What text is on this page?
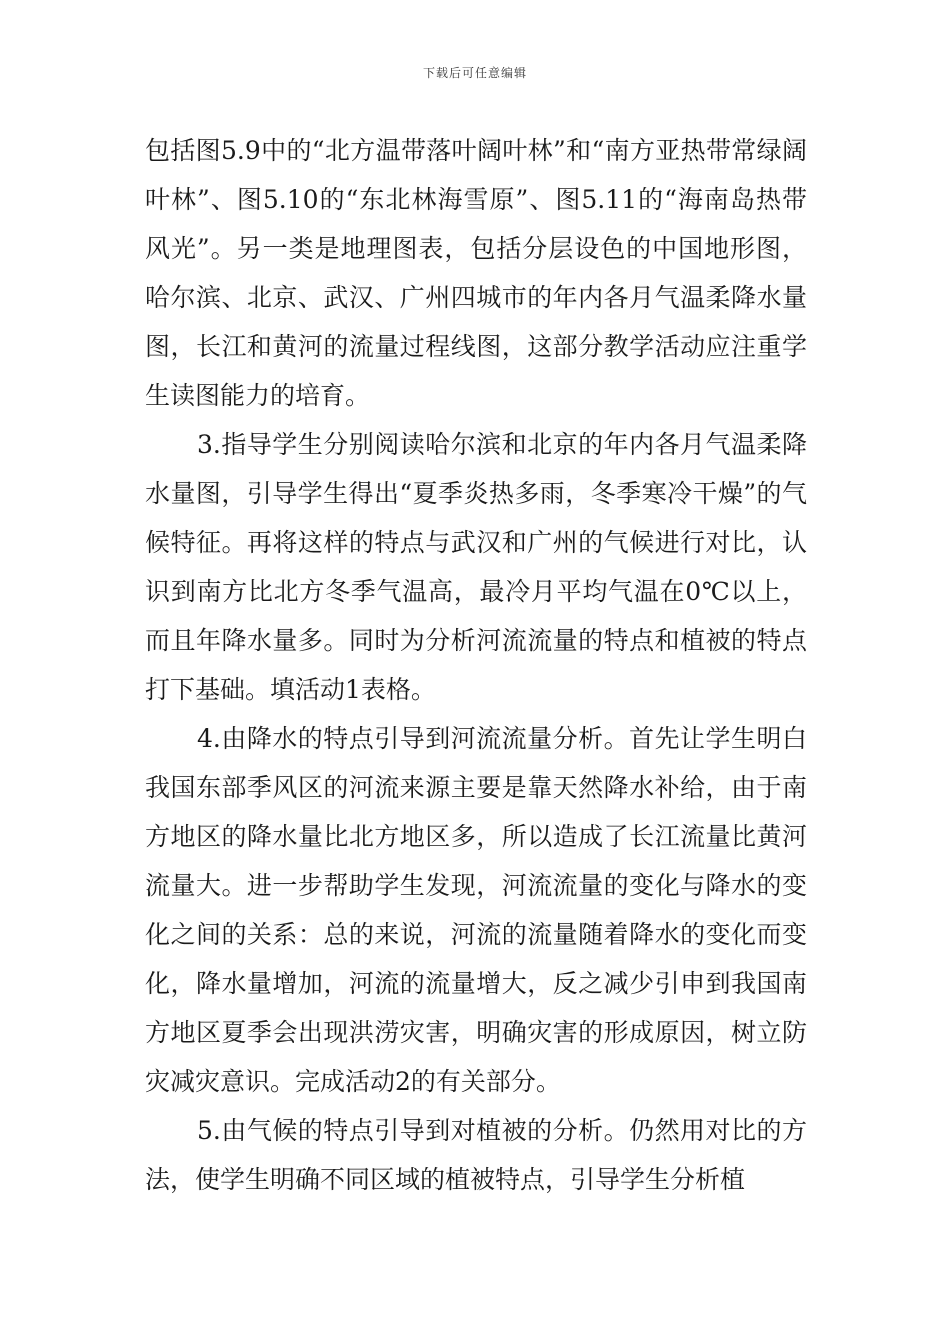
下载后可任意编辑

包括图5.9中的“北方温带落叶阔叶林”和“南方亚热带常绿阔叶林”、图5.10的“东北林海雪原”、图5.11的“海南岛热带风光”。另一类是地理图表，包括分层设色的中国地形图，哈尔滨、北京、武汉、广州四城市的年内各月气温柔降水量图，长江和黄河的流量过程线图，这部分教学活动应注重学生读图能力的培育。

3.指导学生分别阅读哈尔滨和北京的年内各月气温柔降水量图，引导学生得出“夏季炎热多雨，冬季寒冷干燥”的气候特征。再将这样的特点与武汉和广州的气候进行对比，认识到南方比北方冬季气温高，最冷月平均气温在0℃以上，而且年降水量多。同时为分析河流流量的特点和植被的特点打下基础。填活动1表格。

4.由降水的特点引导到河流流量分析。首先让学生明白我国东部季风区的河流来源主要是靠天然降水补给，由于南方地区的降水量比北方地区多，所以造成了长江流量比黄河流量大。进一步帮助学生发现，河流流量的变化与降水的变化之间的关系：总的来说，河流的流量随着降水的变化而变化，降水量增加，河流的流量增大，反之减少引申到我国南方地区夏季会出现洪涝灾害，明确灾害的形成原因，树立防灾减灾意识。完成活动2的有关部分。

5.由气候的特点引导到对植被的分析。仍然用对比的方法，使学生明确不同区域的植被特点，引导学生分析植
